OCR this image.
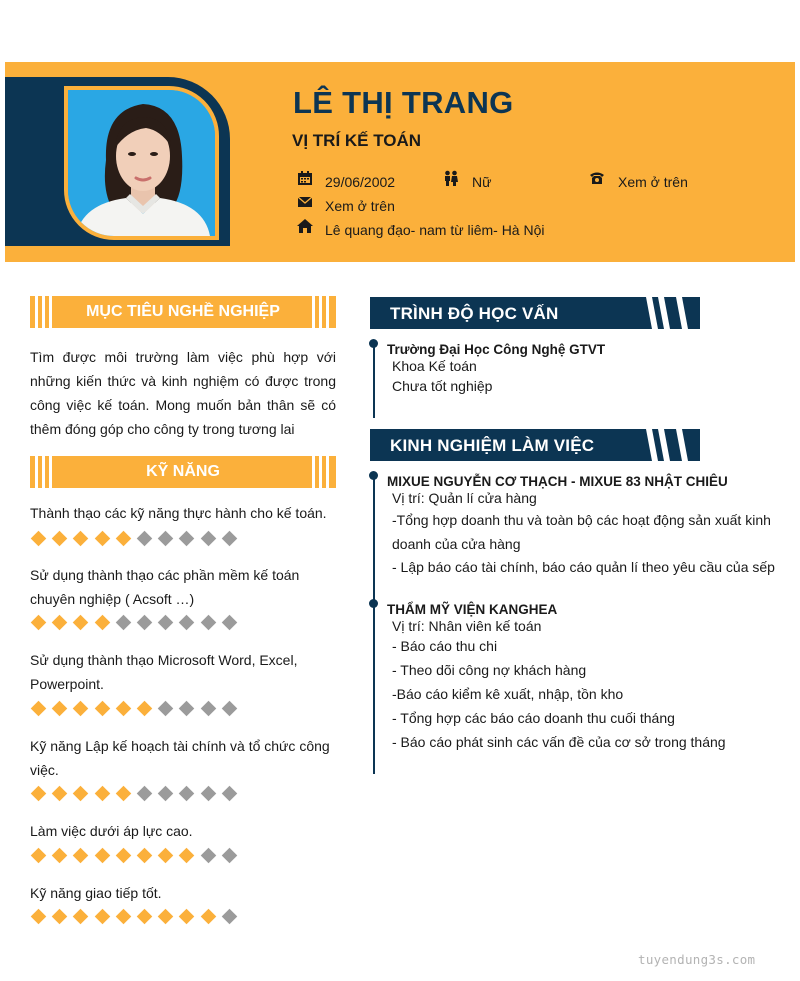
LÊ THỊ TRANG
VỊ TRÍ KẾ TOÁN
29/06/2002	Nữ	Xem ở trên
Xem ở trên
Lê quang đạo- nam từ liêm- Hà Nội
MỤC TIÊU NGHỀ NGHIỆP
Tìm được môi trường làm việc phù hợp với những kiến thức và kinh nghiệm có được trong công việc kế toán. Mong muốn bản thân sẽ có thêm đóng góp cho công ty trong tương lai
KỸ NĂNG
Thành thạo các kỹ năng thực hành cho kế toán.
Sử dụng thành thạo các phần mềm kế toán chuyên nghiệp ( Acsoft …)
Sử dụng thành thạo Microsoft Word, Excel, Powerpoint.
Kỹ năng Lập kế hoạch tài chính và tổ chức công việc.
Làm việc dưới áp lực cao.
Kỹ năng giao tiếp tốt.
TRÌNH ĐỘ HỌC VẤN
Trường Đại Học Công Nghệ GTVT
Khoa Kế toán
Chưa tốt nghiệp
KINH NGHIỆM LÀM VIỆC
MIXUE NGUYỄN CƠ THẠCH - MIXUE 83 NHẬT CHIÊU
Vị trí: Quản lí cửa hàng
-Tổng hợp doanh thu và toàn bộ các hoạt động sản xuất kinh doanh của cửa hàng
- Lập báo cáo tài chính, báo cáo quản lí theo yêu cầu của sếp
THẨM MỸ VIỆN KANGHEA
Vị trí: Nhân viên kế toán
- Báo cáo thu chi
- Theo dõi công nợ khách hàng
-Báo cáo kiểm kê xuất, nhập, tồn kho
- Tổng hợp các báo cáo doanh thu cuối tháng
- Báo cáo phát sinh các vấn đề của cơ sở trong tháng
tuyendung3s.com
